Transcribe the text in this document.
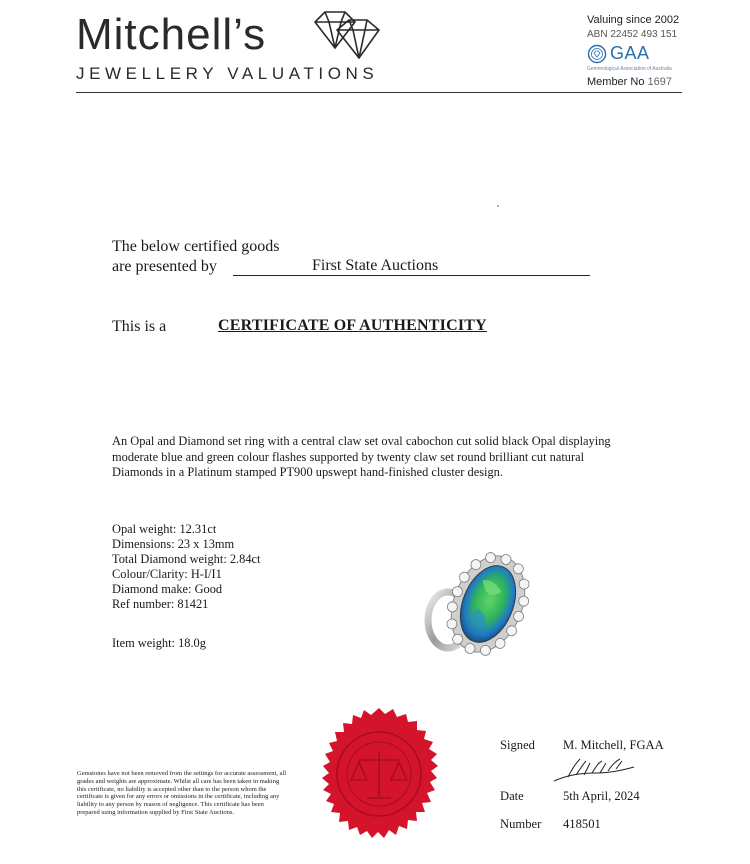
Mitchell’s
JEWELLERY VALUATIONS
Valuing since 2002
ABN 22452 493 151
GAA
Gemmological Association of Australia
Member No 1697
The below certified goods
are presented by	First State Auctions
This is a	CERTIFICATE OF AUTHENTICITY
An Opal and Diamond set ring with a central claw set oval cabochon cut solid black Opal displaying moderate blue and green colour flashes supported by twenty claw set round brilliant cut natural Diamonds in a Platinum stamped PT900 upswept hand-finished cluster design.
Opal weight: 12.31ct
Dimensions: 23 x 13mm
Total Diamond weight: 2.84ct
Colour/Clarity: H-I/I1
Diamond make: Good
Ref number: 81421
Item weight: 18.0g
Gemstones have not been removed from the settings for accurate assessment, all grades and weights are approximate. Whilst all care has been taken in making this certificate, no liability is accepted other than to the person whom the certificate is given for any errors or omissions in the certificate, including any liability to any person by reason of negligence. This certificate has been prepared using information supplied by First State Auctions.
Signed M. Mitchell, FGAA
Date	5th April, 2024
Number 418501
